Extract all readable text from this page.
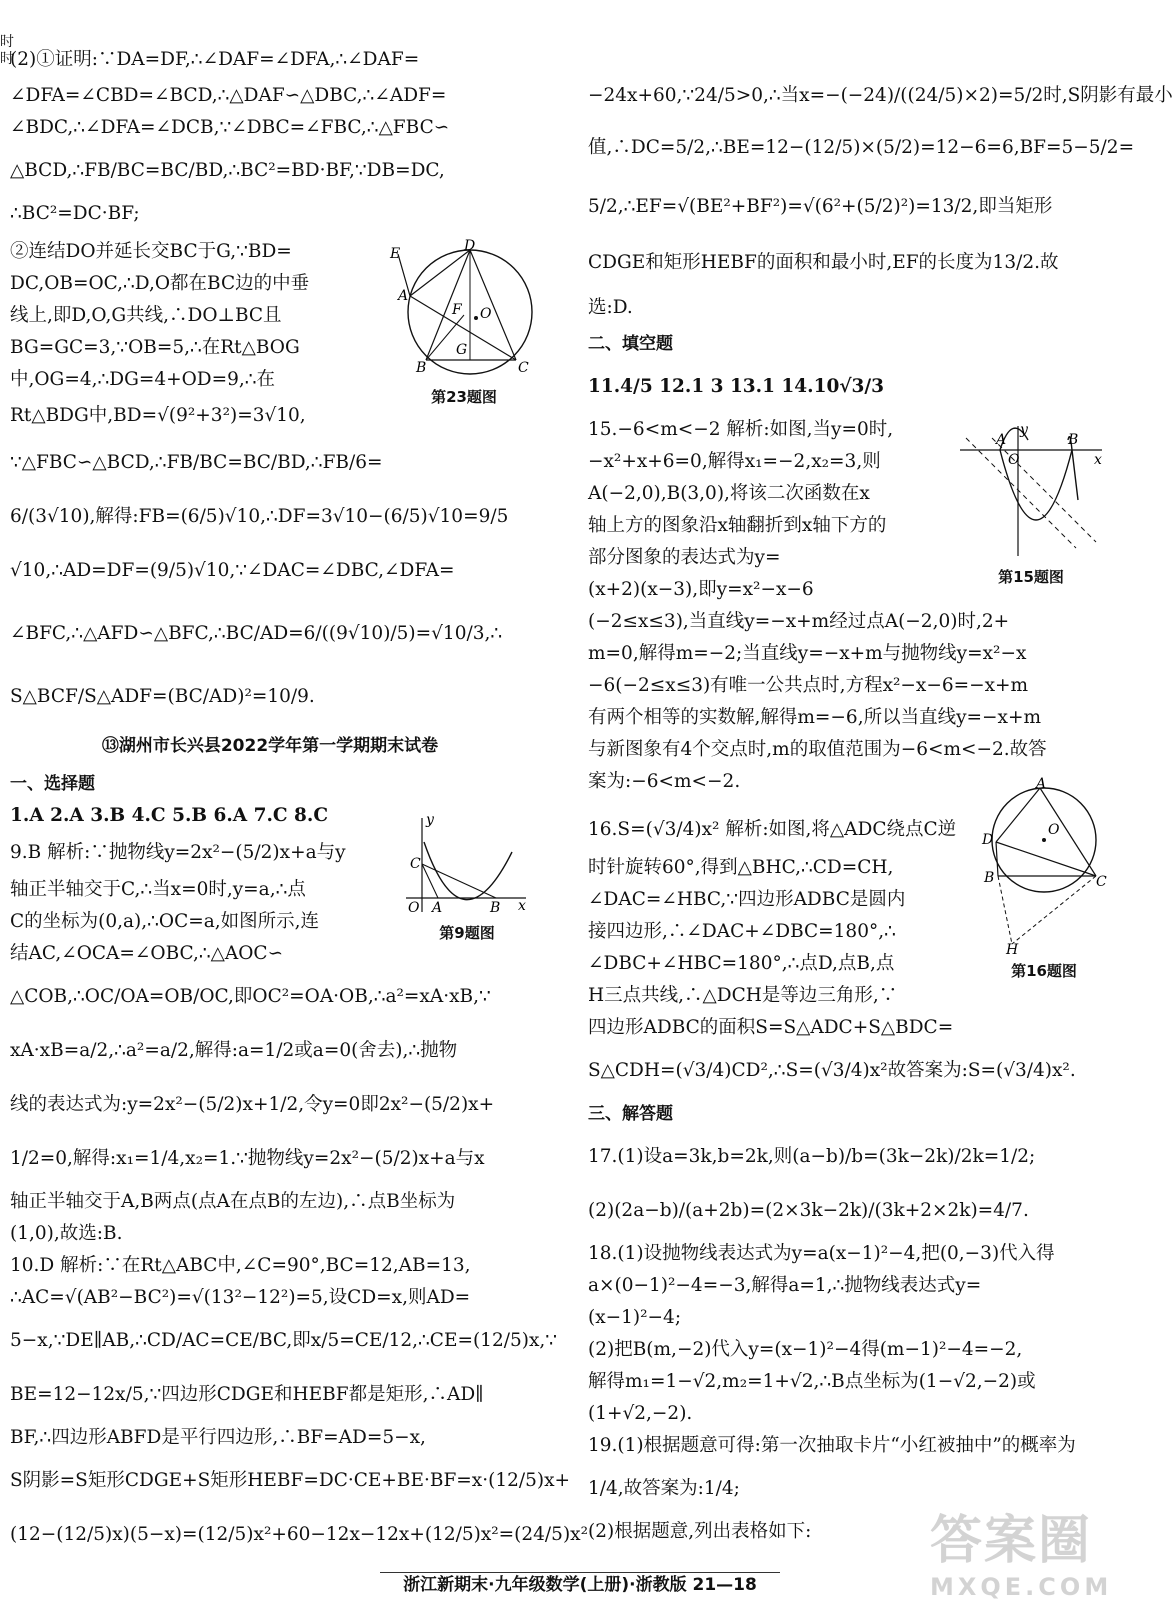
时 时

(2)①证明:∵DA=DF,∴∠DAF=∠DFA,∴∠DAF=

∠DFA=∠CBD=∠BCD,∴△DAF∽△DBC,∴∠ADF=

∠BDC,∴∠DFA=∠DCB,∵∠DBC=∠FBC,∴△FBC∽

△BCD,∴FB/BC=BC/BD,∴BC²=BD·BF,∵DB=DC,

∴BC²=DC·BF;

②连结DO并延长交BC于G,∵BD=

DC,OB=OC,∴D,O都在BC边的中垂

线上,即D,O,G共线,∴DO⊥BC且

BG=GC=3,∵OB=5,∴在Rt△BOG

中,OG=4,∴DG=4+OD=9,∴在

Rt△BDG中,BD=√(9²+3²)=3√10,

∵△FBC∽△BCD,∴FB/BC=BC/BD,∴FB/6=

6/(3√10),解得:FB=(6/5)√10,∴DF=3√10−(6/5)√10=9/5

√10,∴AD=DF=(9/5)√10,∵∠DAC=∠DBC,∠DFA=

∠BFC,∴△AFD∽△BFC,∴BC/AD=6/((9√10)/5)=√10/3,∴

S△BCF/S△ADF=(BC/AD)²=10/9.

⑬湖州市长兴县2022学年第一学期期末试卷
一、选择题

1.A 2.A 3.B 4.C 5.B 6.A 7.C 8.C

9.B 解析:∵抛物线y=2x²−(5/2)x+a与y

轴正半轴交于C,∴当x=0时,y=a,∴点

C的坐标为(0,a),∴OC=a,如图所示,连

结AC,∠OCA=∠OBC,∴△AOC∽

△COB,∴OC/OA=OB/OC,即OC²=OA·OB,∴a²=xA·xB,∵

xA·xB=a/2,∴a²=a/2,解得:a=1/2或a=0(舍去),∴抛物

线的表达式为:y=2x²−(5/2)x+1/2,令y=0即2x²−(5/2)x+

1/2=0,解得:x₁=1/4,x₂=1.∵抛物线y=2x²−(5/2)x+a与x

轴正半轴交于A,B两点(点A在点B的左边),∴点B坐标为

(1,0),故选:B.

10.D 解析:∵在Rt△ABC中,∠C=90°,BC=12,AB=13,

∴AC=√(AB²−BC²)=√(13²−12²)=5,设CD=x,则AD=

5−x,∵DE∥AB,∴CD/AC=CE/BC,即x/5=CE/12,∴CE=(12/5)x,∵

BE=12−12x/5,∵四边形CDGE和HEBF都是矩形,∴AD∥

BF,∴四边形ABFD是平行四边形,∴BF=AD=5−x,

S阴影=S矩形CDGE+S矩形HEBF=DC·CE+BE·BF=x·(12/5)x+

(12−(12/5)x)(5−x)=(12/5)x²+60−12x−12x+(12/5)x²=(24/5)x²

D
E
A
F O
G
B	C
第23题图
y
C
O A	B x
第9题图

−24x+60,∵24/5>0,∴当x=−(−24)/((24/5)×2)=5/2时,S阴影有最小

值,∴DC=5/2,∴BE=12−(12/5)×(5/2)=12−6=6,BF=5−5/2=

5/2,∴EF=√(BE²+BF²)=√(6²+(5/2)²)=13/2,即当矩形

CDGE和矩形HEBF的面积和最小时,EF的长度为13/2.故

选:D.

二、填空题

11.4/5 12.1 3 13.1 14.10√3/3

15.−6<m<−2 解析:如图,当y=0时,

−x²+x+6=0,解得x₁=−2,x₂=3,则

A(−2,0),B(3,0),将该二次函数在x

轴上方的图象沿x轴翻折到x轴下方的

部分图象的表达式为y=

(x+2)(x−3),即y=x²−x−6

(−2≤x≤3),当直线y=−x+m经过点A(−2,0)时,2+

m=0,解得m=−2;当直线y=−x+m与抛物线y=x²−x

−6(−2≤x≤3)有唯一公共点时,方程x²−x−6=−x+m

有两个相等的实数解,解得m=−6,所以当直线y=−x+m

与新图象有4个交点时,m的取值范围为−6<m<−2.故答

案为:−6<m<−2.

16.S=(√3/4)x² 解析:如图,将△ADC绕点C逆

时针旋转60°,得到△BHC,∴CD=CH,

∠DAC=∠HBC,∵四边形ADBC是圆内

接四边形,∴∠DAC+∠DBC=180°,∴

∠DBC+∠HBC=180°,∴点D,点B,点

H三点共线,∴△DCH是等边三角形,∵

四边形ADBC的面积S=S△ADC+S△BDC=

S△CDH=(√3/4)CD²,∴S=(√3/4)x²故答案为:S=(√3/4)x².

三、解答题

17.(1)设a=3k,b=2k,则(a−b)/b=(3k−2k)/2k=1/2;

(2)(2a−b)/(a+2b)=(2×3k−2k)/(3k+2×2k)=4/7.

18.(1)设抛物线表达式为y=a(x−1)²−4,把(0,−3)代入得

a×(0−1)²−4=−3,解得a=1,∴抛物线表达式y=

(x−1)²−4;

(2)把B(m,−2)代入y=(x−1)²−4得(m−1)²−4=−2,

解得m₁=1−√2,m₂=1+√2,∴B点坐标为(1−√2,−2)或

(1+√2,−2).

19.(1)根据题意可得:第一次抽取卡片“小红被抽中”的概率为

1/4,故答案为:1/4;

(2)根据题意,列出表格如下:

A
y
O
B
x
第15题图
A
O
D
B	C
H
第16题图
浙江新期末·九年级数学(上册)·浙教版 21—18
答案圈
MXQE.COM
